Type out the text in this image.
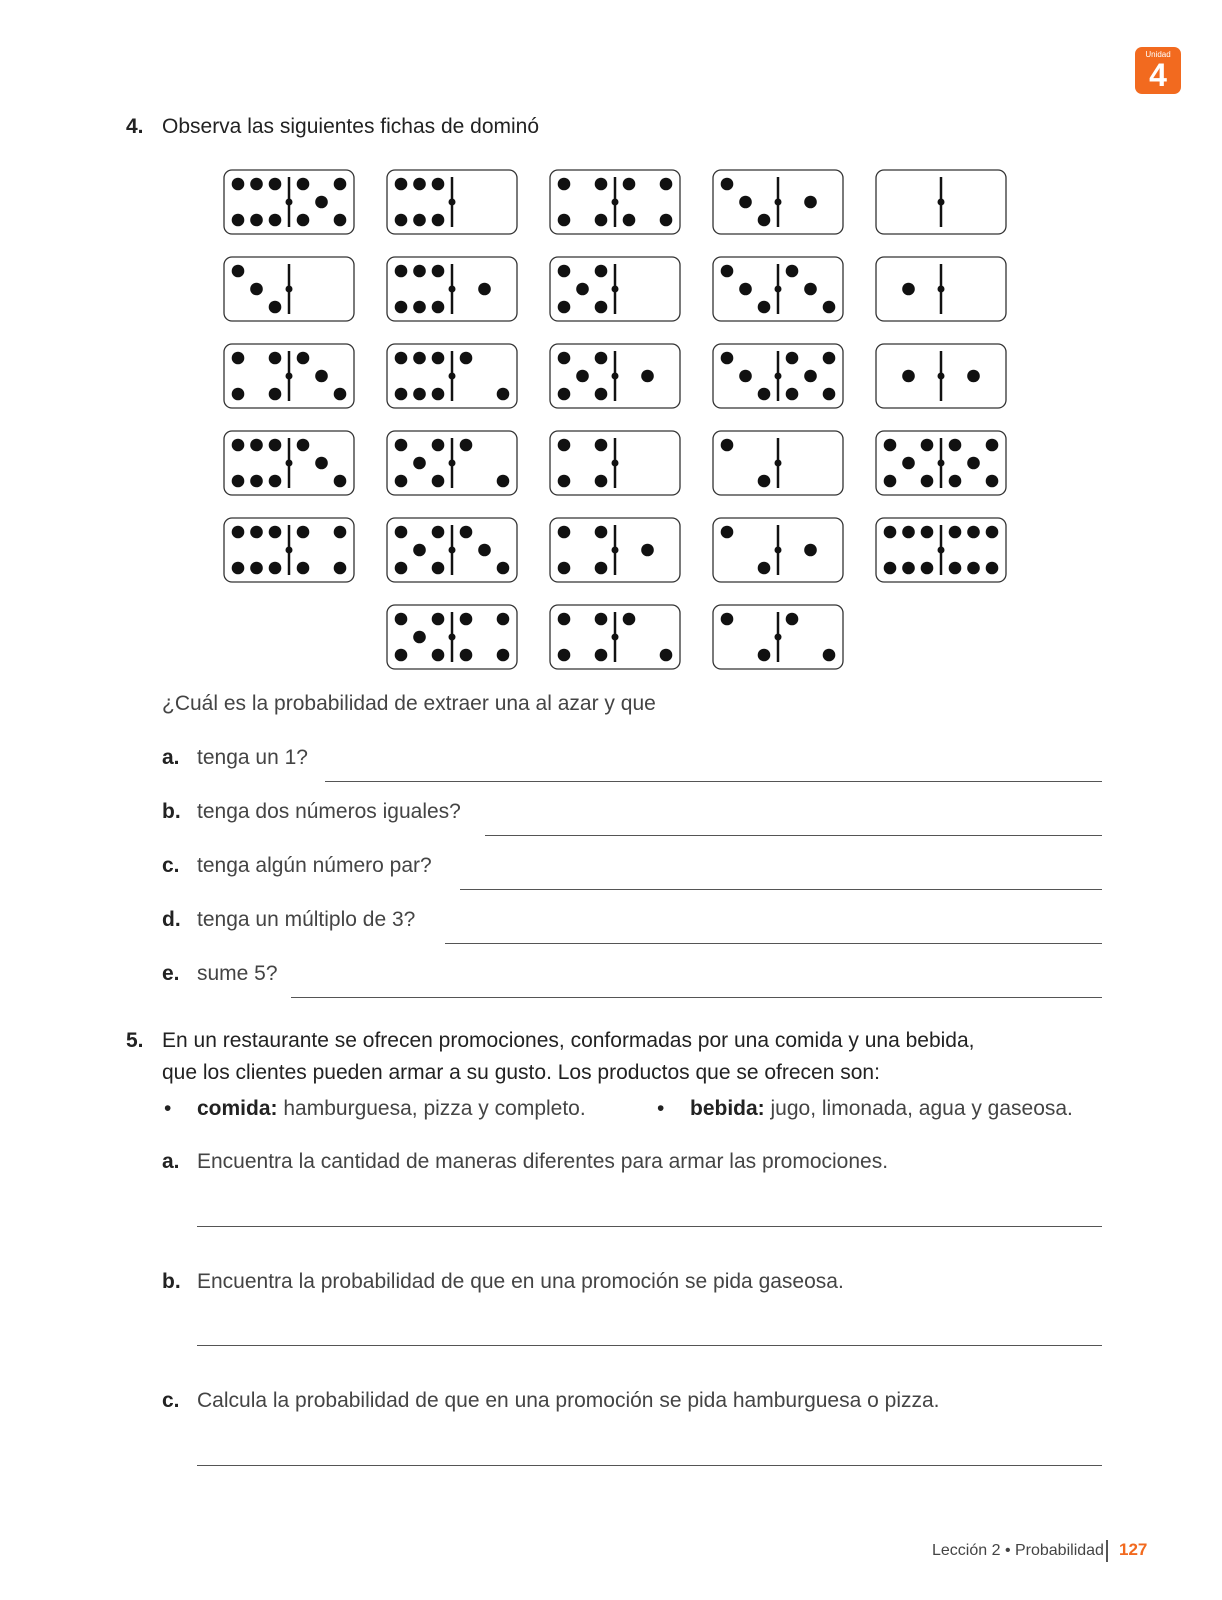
Unidad
4
4. Observa las siguientes fichas de dominó
¿Cuál es la probabilidad de extraer una al azar y que
a. tenga un 1?
b. tenga dos números iguales?
c. tenga algún número par?
d. tenga un múltiplo de 3?
e. sume 5?
5. En un restaurante se ofrecen promociones, conformadas por una comida y una bebida,
que los clientes pueden armar a su gusto. Los productos que se ofrecen son:
• comida: hamburguesa, pizza y completo.	• bebida: jugo, limonada, agua y gaseosa.
a. Encuentra la cantidad de maneras diferentes para armar las promociones.
b. Encuentra la probabilidad de que en una promoción se pida gaseosa.
c. Calcula la probabilidad de que en una promoción se pida hamburguesa o pizza.
Lección 2 • Probabilidad 127
